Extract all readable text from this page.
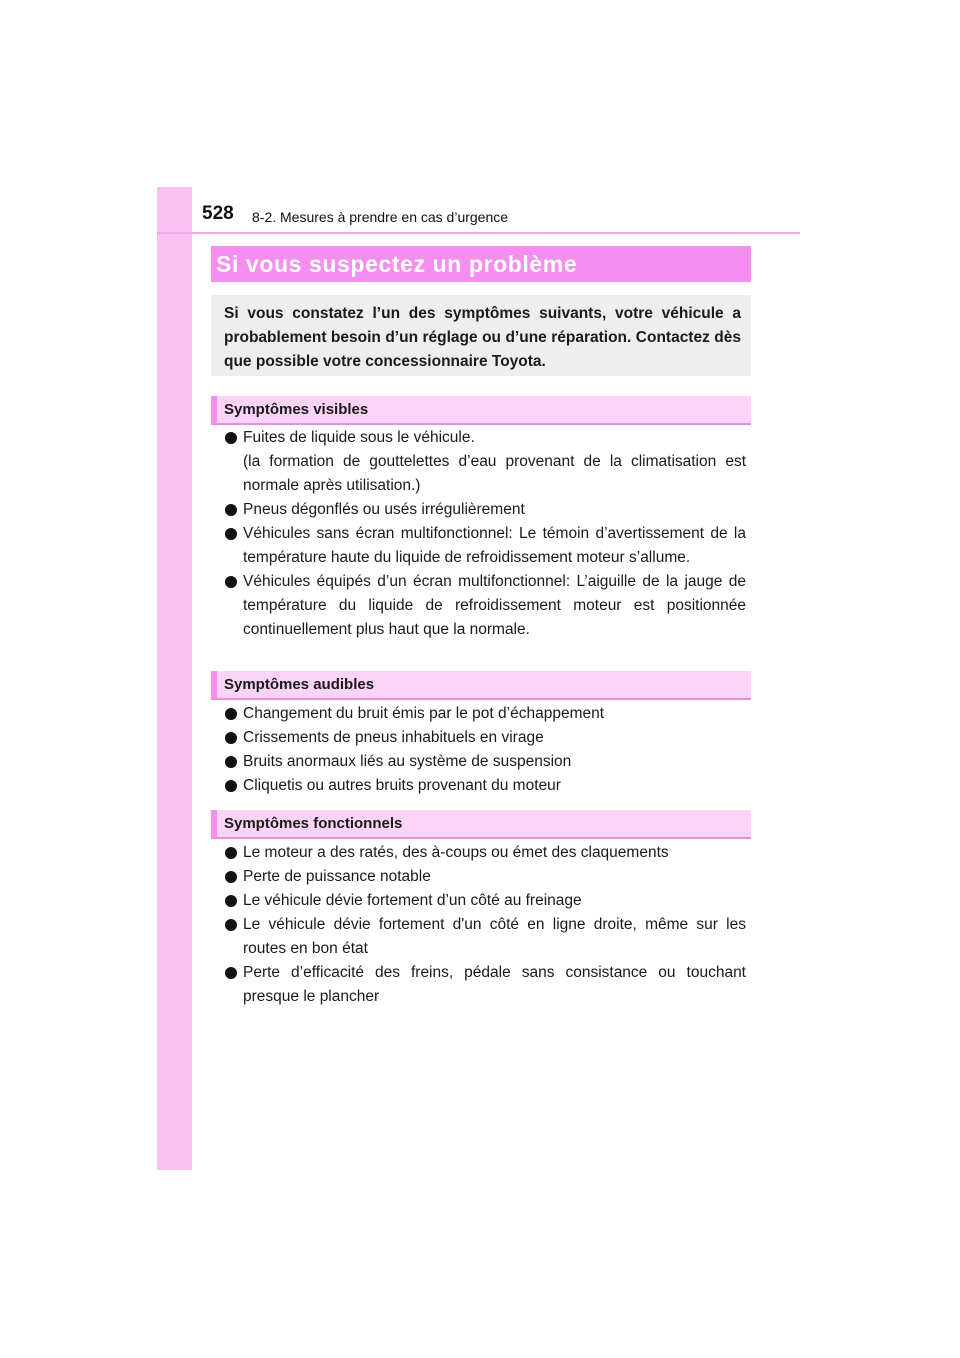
528 8-2. Mesures à prendre en cas d’urgence
Si vous suspectez un problème
Si vous constatez l’un des symptômes suivants, votre véhicule a probablement besoin d’un réglage ou d’une réparation. Contactez dès que possible votre concessionnaire Toyota.
Symptômes visibles
Fuites de liquide sous le véhicule.
(la formation de gouttelettes d’eau provenant de la climatisation est normale après utilisation.)
Pneus dégonflés ou usés irrégulièrement
Véhicules sans écran multifonctionnel: Le témoin d’avertissement de la température haute du liquide de refroidissement moteur s’allume.
Véhicules équipés d’un écran multifonctionnel: L’aiguille de la jauge de température du liquide de refroidissement moteur est positionnée continuellement plus haut que la normale.
Symptômes audibles
Changement du bruit émis par le pot d’échappement
Crissements de pneus inhabituels en virage
Bruits anormaux liés au système de suspension
Cliquetis ou autres bruits provenant du moteur
Symptômes fonctionnels
Le moteur a des ratés, des à-coups ou émet des claquements
Perte de puissance notable
Le véhicule dévie fortement d’un côté au freinage
Le véhicule dévie fortement d'un côté en ligne droite, même sur les routes en bon état
Perte d’efficacité des freins, pédale sans consistance ou touchant presque le plancher
